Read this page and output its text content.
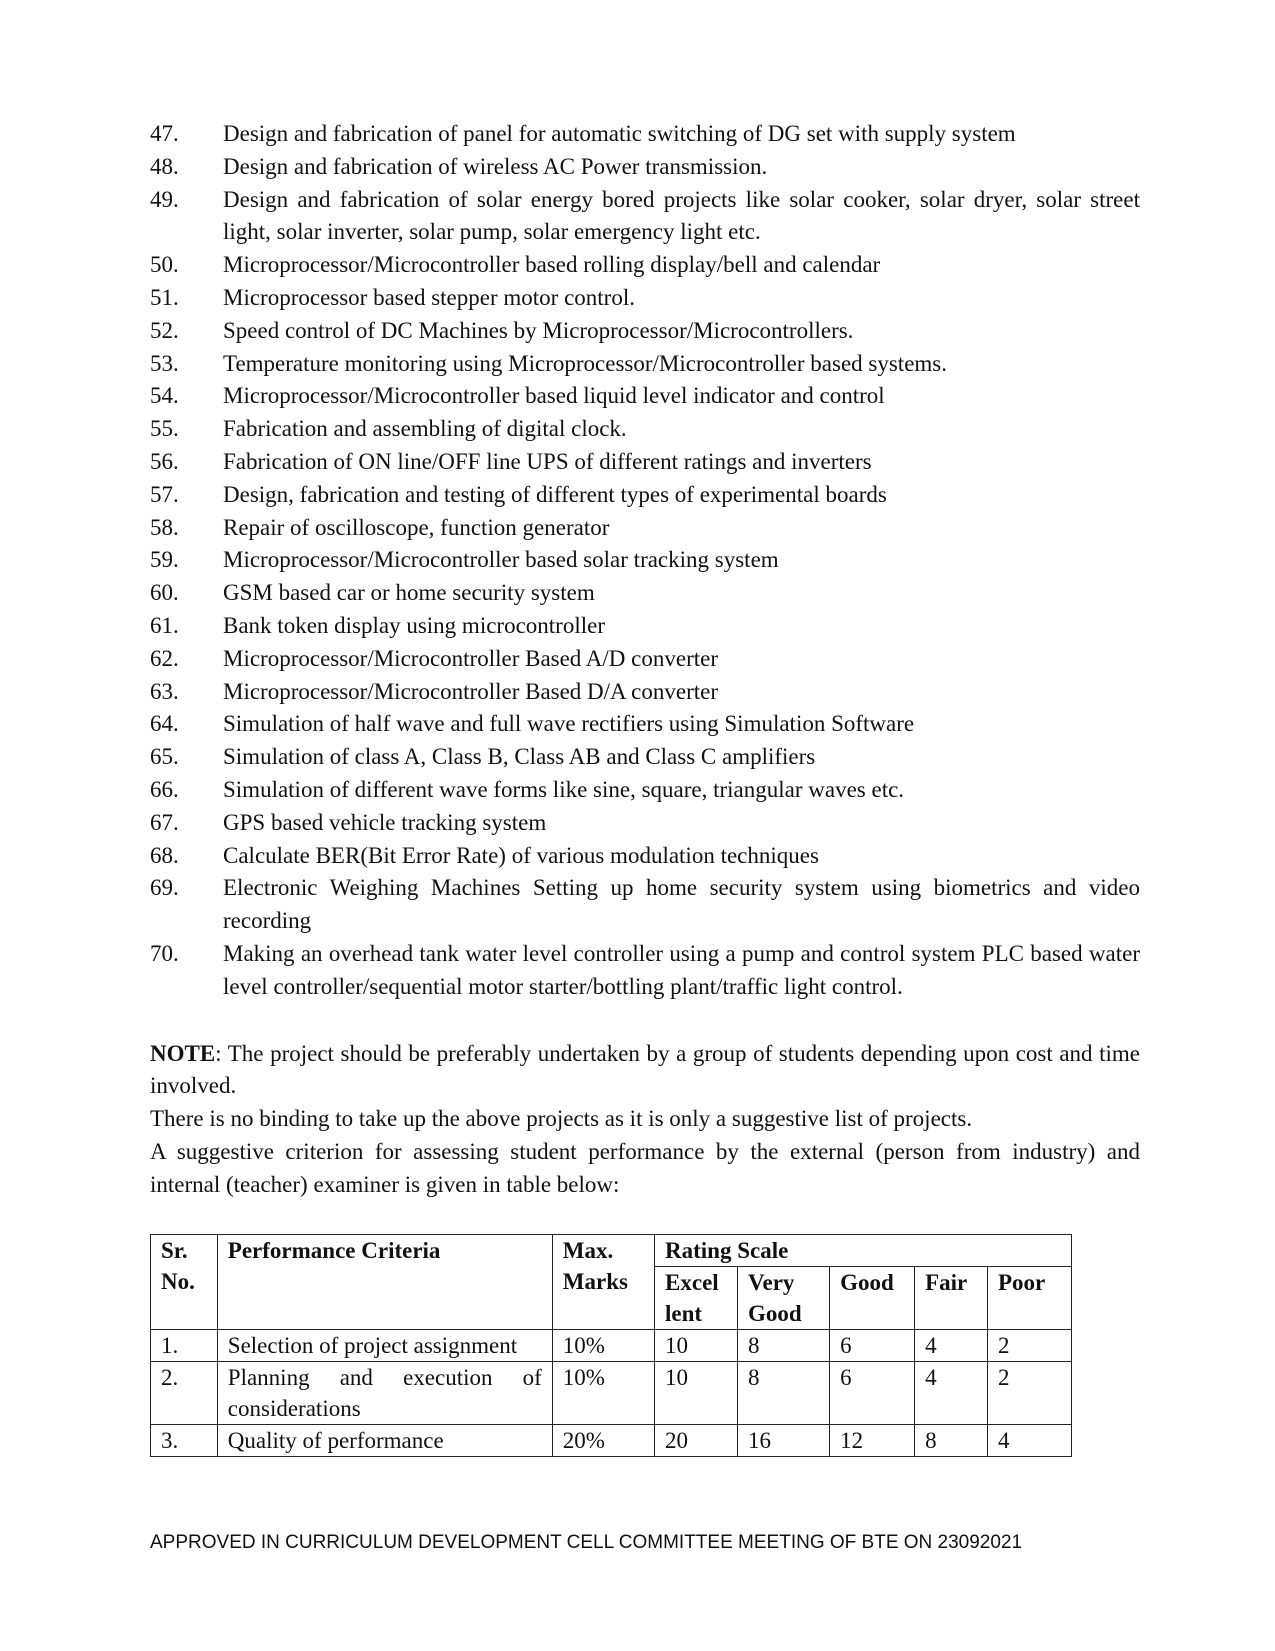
47. Design and fabrication of panel for automatic switching of DG set with supply system
48. Design and fabrication of wireless AC Power transmission.
49. Design and fabrication of solar energy bored projects like solar cooker, solar dryer, solar street light, solar inverter, solar pump, solar emergency light etc.
50. Microprocessor/Microcontroller based rolling display/bell and calendar
51. Microprocessor based stepper motor control.
52. Speed control of DC Machines by Microprocessor/Microcontrollers.
53. Temperature monitoring using Microprocessor/Microcontroller based systems.
54. Microprocessor/Microcontroller based liquid level indicator and control
55. Fabrication and assembling of digital clock.
56. Fabrication of ON line/OFF line UPS of different ratings and inverters
57. Design, fabrication and testing of different types of experimental boards
58. Repair of oscilloscope, function generator
59. Microprocessor/Microcontroller based solar tracking system
60. GSM based car or home security system
61. Bank token display using microcontroller
62. Microprocessor/Microcontroller Based A/D converter
63. Microprocessor/Microcontroller Based D/A converter
64. Simulation of half wave and full wave rectifiers using Simulation Software
65. Simulation of class A, Class B, Class AB and Class C amplifiers
66. Simulation of different wave forms like sine, square, triangular waves etc.
67. GPS based vehicle tracking system
68. Calculate BER(Bit Error Rate) of various modulation techniques
69. Electronic Weighing Machines Setting up home security system using biometrics and video recording
70. Making an overhead tank water level controller using a pump and control system PLC based water level controller/sequential motor starter/bottling plant/traffic light control.

NOTE: The project should be preferably undertaken by a group of students depending upon cost and time involved.

There is no binding to take up the above projects as it is only a suggestive list of projects.

A suggestive criterion for assessing student performance by the external (person from industry) and internal (teacher) examiner is given in table below:

Sr. No.	Performance Criteria	Max. Marks	Rating Scale				
			Excel lent	Very Good	Good	Fair	Poor
1.	Selection of project assignment	10%	10	8	6	4	2
2.	Planning and execution of considerations	10%	10	8	6	4	2
3.	Quality of performance	20%	20	16	12	8	4
APPROVED IN CURRICULUM DEVELOPMENT CELL COMMITTEE MEETING OF BTE ON 23092021
